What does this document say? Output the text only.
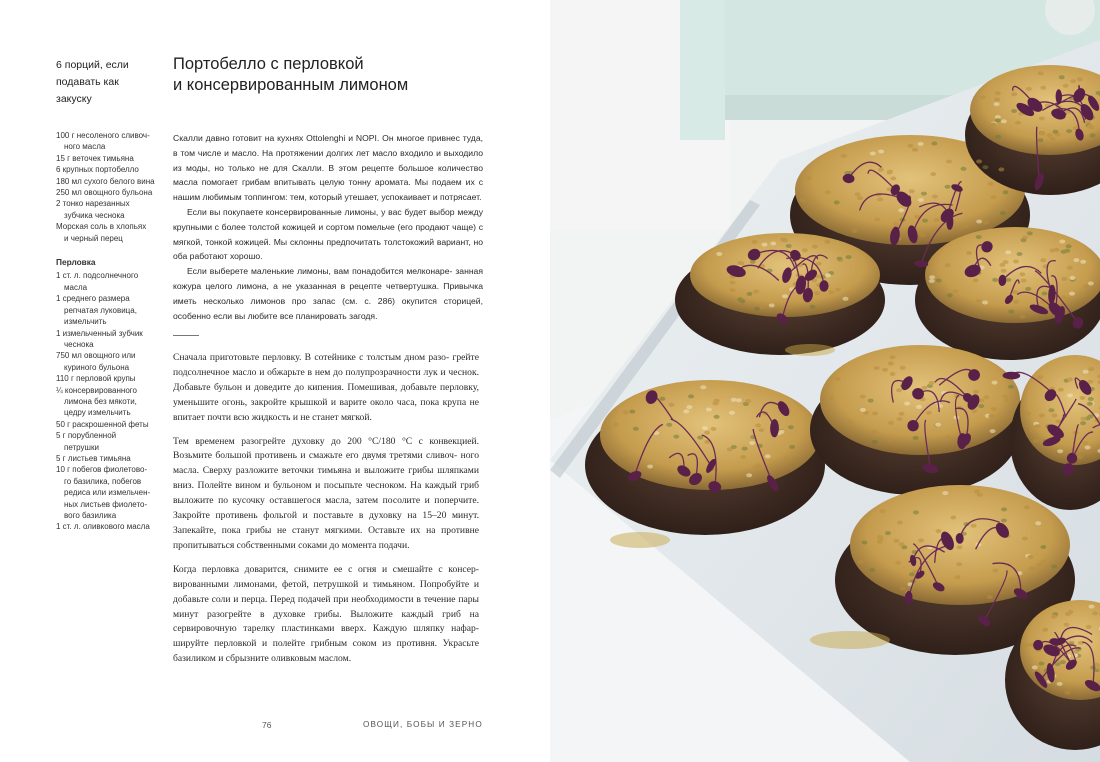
6 порций, если
подавать как закуску
Портобелло с перловкой
и консервированным лимоном
100 г несоленого сливоч-
ного масла
15 г веточек тимьяна
6 крупных портобелло
180 мл сухого белого вина
250 мл овощного бульона
2 тонко нарезанных
зубчика чеснока
Морская соль в хлопьях
и черный перец
Перловка
1 ст. л. подсолнечного
масла
1 среднего размера
репчатая луковица,
измельчить
1 измельченный зубчик
чеснока
750 мл овощного или
куриного бульона
110 г перловой крупы
¼ консервированного
лимона без мякоти,
цедру измельчить
50 г раскрошенной феты
5 г порубленной
петрушки
5 г листьев тимьяна
10 г побегов фиолетово-
го базилика, побегов
редиса или измельчен-
ных листьев фиолето-
вого базилика
1 ст. л. оливкового масла

Скалли давно готовит на кухнях Ottolenghi и NOPI. Он многое привнес туда, в том числе и масло. На протяжении долгих лет масло входило и выходило из моды, но только не для Скалли. В этом рецепте большое количество масла помогает грибам впитывать целую тонну аромата. Мы подаем их с нашим любимым топпингом: тем, который утешает, успокаивает и потрясает.

Если вы покупаете консервированные лимоны, у вас будет выбор между крупными с более толстой кожицей и сортом помельче (его продают чаще) с мягкой, тонкой кожицей. Мы склонны предпочитать толстокожий вариант, но оба работают хорошо.

Если выберете маленькие лимоны, вам понадобится мелконаре- занная кожура целого лимона, а не указанная в рецепте четвертушка. Привычка иметь несколько лимонов про запас (см. с. 286) окупится сторицей, особенно если вы любите все планировать загодя.

Сначала приготовьте перловку. В сотейнике с толстым дном разо- грейте подсолнечное масло и обжарьте в нем до полупрозрачности лук и чеснок. Добавьте бульон и доведите до кипения. Помешивая, добавьте перловку, уменьшите огонь, закройте крышкой и варите около часа, пока крупа не впитает почти всю жидкость и не станет мягкой.

Тем временем разогрейте духовку до 200 °C/180 °C с конвекцией. Возьмите большой противень и смажьте его двумя третями сливоч- ного масла. Сверху разложите веточки тимьяна и выложите грибы шляпками вниз. Полейте вином и бульоном и посыпьте чесноком. На каждый гриб выложите по кусочку оставшегося масла, затем посолите и поперчите. Закройте противень фольгой и поставьте в духовку на 15–20 минут. Запекайте, пока грибы не станут мягкими. Оставьте их на противне пропитываться собственными соками до момента подачи.

Когда перловка доварится, снимите ее с огня и смешайте с консер- вированными лимонами, фетой, петрушкой и тимьяном. Попробуйте и добавьте соли и перца. Перед подачей при необходимости в течение пары минут разогрейте в духовке грибы. Выложите каждый гриб на сервировочную тарелку пластинками вверх. Каждую шляпку нафар- шируйте перловкой и полейте грибным соком из противня. Украсьте базиликом и сбрызните оливковым маслом.

76	ОВОЩИ, БОБЫ И ЗЕРНО
